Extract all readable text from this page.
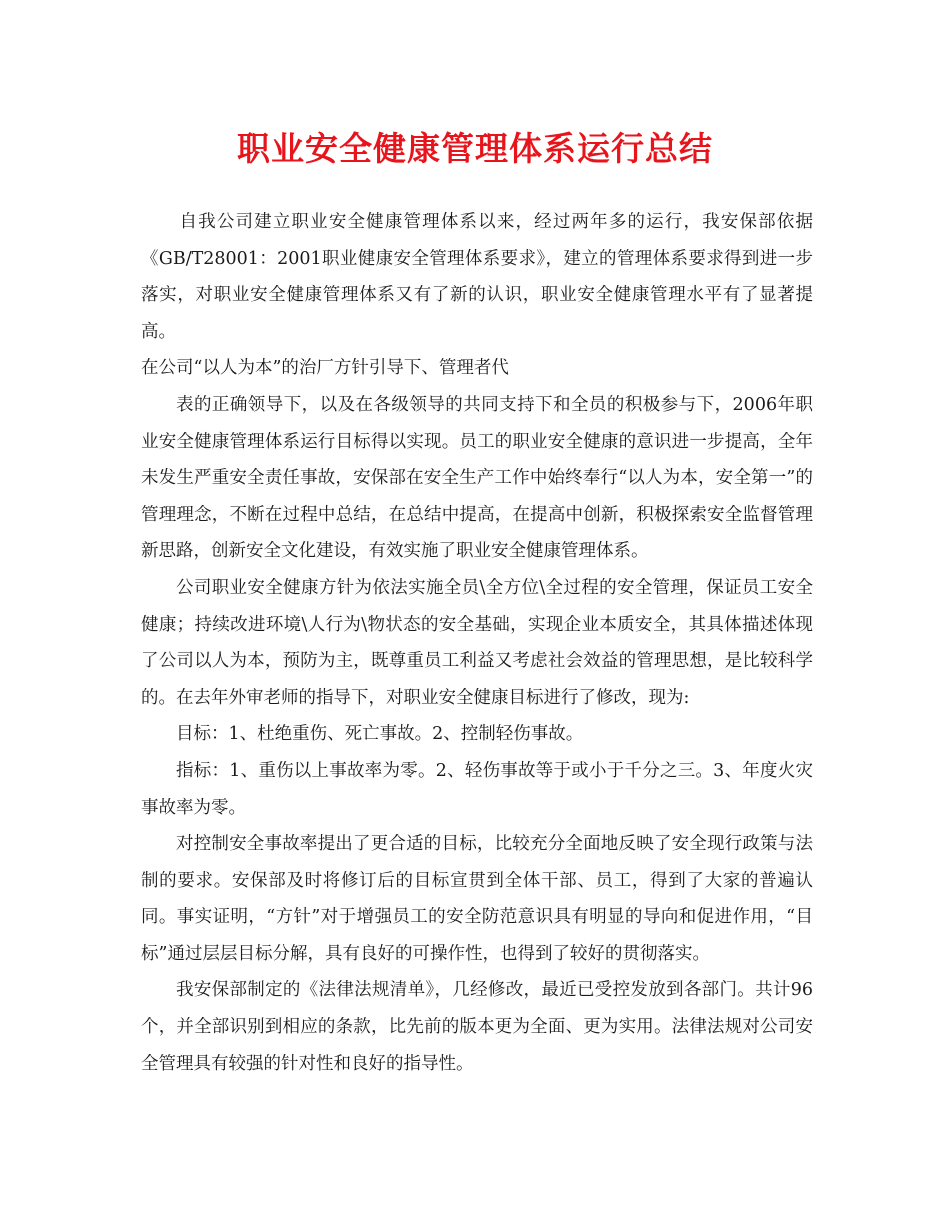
职业安全健康管理体系运行总结

自我公司建立职业安全健康管理体系以来，经过两年多的运行，我安保部依据《GB/T28001：2001职业健康安全管理体系要求》，建立的管理体系要求得到进一步落实，对职业安全健康管理体系又有了新的认识，职业安全健康管理水平有了显著提高。

在公司“以人为本”的治厂方针引导下、管理者代

表的正确领导下，以及在各级领导的共同支持下和全员的积极参与下，2006年职业安全健康管理体系运行目标得以实现。员工的职业安全健康的意识进一步提高，全年未发生严重安全责任事故，安保部在安全生产工作中始终奉行“以人为本，安全第一”的管理理念，不断在过程中总结，在总结中提高，在提高中创新，积极探索安全监督管理新思路，创新安全文化建设，有效实施了职业安全健康管理体系。

公司职业安全健康方针为依法实施全员\全方位\全过程的安全管理，保证员工安全健康；持续改进环境\人行为\物状态的安全基础，实现企业本质安全，其具体描述体现了公司以人为本，预防为主，既尊重员工利益又考虑社会效益的管理思想，是比较科学的。在去年外审老师的指导下，对职业安全健康目标进行了修改，现为:

目标：1、杜绝重伤、死亡事故。2、控制轻伤事故。

指标：1、重伤以上事故率为零。2、轻伤事故等于或小于千分之三。3、年度火灾事故率为零。

对控制安全事故率提出了更合适的目标，比较充分全面地反映了安全现行政策与法制的要求。安保部及时将修订后的目标宣贯到全体干部、员工，得到了大家的普遍认同。事实证明，“方针”对于增强员工的安全防范意识具有明显的导向和促进作用，“目标”通过层层目标分解，具有良好的可操作性，也得到了较好的贯彻落实。

我安保部制定的《法律法规清单》，几经修改，最近已受控发放到各部门。共计96个，并全部识别到相应的条款，比先前的版本更为全面、更为实用。法律法规对公司安全管理具有较强的针对性和良好的指导性。
